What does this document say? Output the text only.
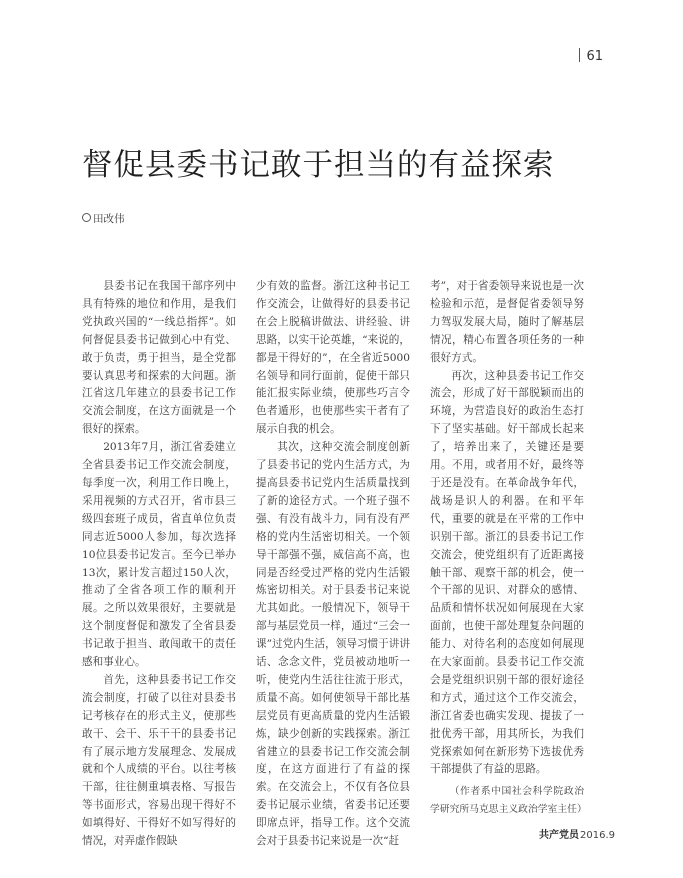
61
督促县委书记敢于担当的有益探索
田改伟

县委书记在我国干部序列中具有特殊的地位和作用，是我们党执政兴国的“一线总指挥”。如何督促县委书记做到心中有党、敢于负责，勇于担当，是全党都要认真思考和探索的大问题。浙江省这几年建立的县委书记工作交流会制度，在这方面就是一个很好的探索。

2013年7月，浙江省委建立全省县委书记工作交流会制度，每季度一次，利用工作日晚上，采用视频的方式召开，省市县三级四套班子成员，省直单位负责同志近5000人参加，每次选择10位县委书记发言。至今已举办13次，累计发言超过150人次，推动了全省各项工作的顺利开展。之所以效果很好，主要就是这个制度督促和激发了全省县委书记敢于担当、敢闯敢干的责任感和事业心。

首先，这种县委书记工作交流会制度，打破了以往对县委书记考核存在的形式主义，使那些敢干、会干、乐干干的县委书记有了展示地方发展理念、发展成就和个人成绩的平台。以往考核干部，往往侧重填表格、写报告等书面形式，容易出现干得好不如填得好、干得好不如写得好的情况，对弄虚作假缺

少有效的监督。浙江这种书记工作交流会，让做得好的县委书记在会上脱稿讲做法、讲经验、讲思路，以实干论英雄，“来说的，都是干得好的”，在全省近5000名领导和同行面前，促使干部只能汇报实际业绩，使那些巧言令色者遁形，也使那些实干者有了展示自我的机会。

其次，这种交流会制度创新了县委书记的党内生活方式，为提高县委书记党内生活质量找到了新的途径方式。一个班子强不强、有没有战斗力，同有没有严格的党内生活密切相关。一个领导干部强不强，威信高不高，也同是否经受过严格的党内生活锻炼密切相关。对于县委书记来说尤其如此。一般情况下，领导干部与基层党员一样，通过“三会一课”过党内生活，领导习惯于讲讲话、念念文件，党员被动地听一听，使党内生活往往流于形式，质量不高。如何使领导干部比基层党员有更高质量的党内生活锻炼，缺少创新的实践探索。浙江省建立的县委书记工作交流会制度，在这方面进行了有益的探索。在交流会上，不仅有各位县委书记展示业绩，省委书记还要即席点评，指导工作。这个交流会对于县委书记来说是一次“赶

考”，对于省委领导来说也是一次检验和示范，是督促省委领导努力驾驭发展大局，随时了解基层情况，精心布置各项任务的一种很好方式。

再次，这种县委书记工作交流会，形成了好干部脱颖而出的环境，为营造良好的政治生态打下了坚实基础。好干部成长起来了，培养出来了，关键还是要用。不用，或者用不好，最终等于还是没有。在革命战争年代，战场是识人的利器。在和平年代，重要的就是在平常的工作中识别干部。浙江的县委书记工作交流会，使党组织有了近距离接触干部、观察干部的机会，使一个干部的见识、对群众的感情、品质和情怀状况如何展现在大家面前，也使干部处理复杂问题的能力、对待名利的态度如何展现在大家面前。县委书记工作交流会是党组织识别干部的很好途径和方式，通过这个工作交流会，浙江省委也确实发现、提拔了一批优秀干部，用其所长，为我们党探索如何在新形势下选拔优秀干部提供了有益的思路。

（作者系中国社会科学院政治学研究所马克思主义政治学室主任）

共产党员2016.9
